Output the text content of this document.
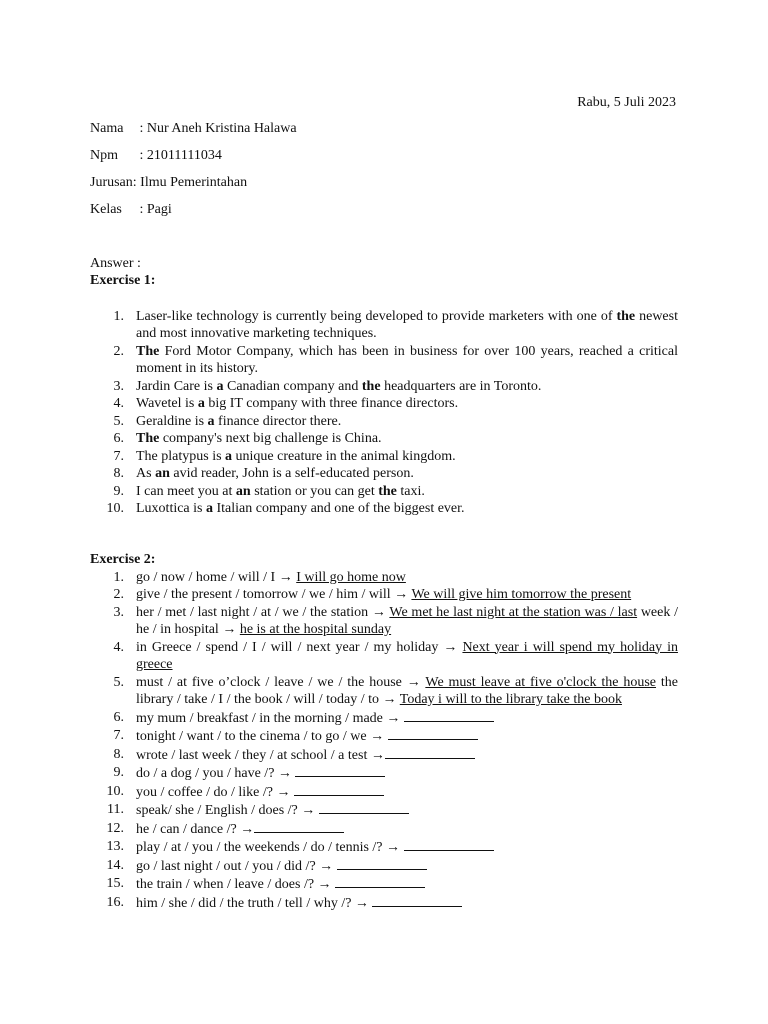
Rabu, 5 Juli 2023
Nama : Nur Aneh Kristina Halawa
Npm : 21011111034
Jurusan: Ilmu Pemerintahan
Kelas : Pagi
Answer :
Exercise 1:
1. Laser-like technology is currently being developed to provide marketers with one of the newest and most innovative marketing techniques.
2. The Ford Motor Company, which has been in business for over 100 years, reached a critical moment in its history.
3. Jardin Care is a Canadian company and the headquarters are in Toronto.
4. Wavetel is a big IT company with three finance directors.
5. Geraldine is a finance director there.
6. The company's next big challenge is China.
7. The platypus is a unique creature in the animal kingdom.
8. As an avid reader, John is a self-educated person.
9. I can meet you at an station or you can get the taxi.
10. Luxottica is a Italian company and one of the biggest ever.
Exercise 2:
1. go / now / home / will / I → I will go home now
2. give / the present / tomorrow / we / him / will → We will give him tomorrow the present
3. her / met / last night / at / we / the station → We met he last night at the station was / last week / he / in hospital → he is at the hospital sunday
4. in Greece / spend / I / will / next year / my holiday → Next year i will spend my holiday in greece
5. must / at five o’clock / leave / we / the house → We must leave at five o'clock the house the library / take / I / the book / will / today / to → Today i will to the library take the book
6. my mum / breakfast / in the morning / made →
7. tonight / want / to the cinema / to go / we →
8. wrote / last week / they / at school / a test →
9. do / a dog / you / have /? →
10. you / coffee / do / like /? →
11. speak/ she / English / does /? →
12. he / can / dance /? →
13. play / at / you / the weekends / do / tennis /? →
14. go / last night / out / you / did /? →
15. the train / when / leave / does /? →
16. him / she / did / the truth / tell / why /? →
